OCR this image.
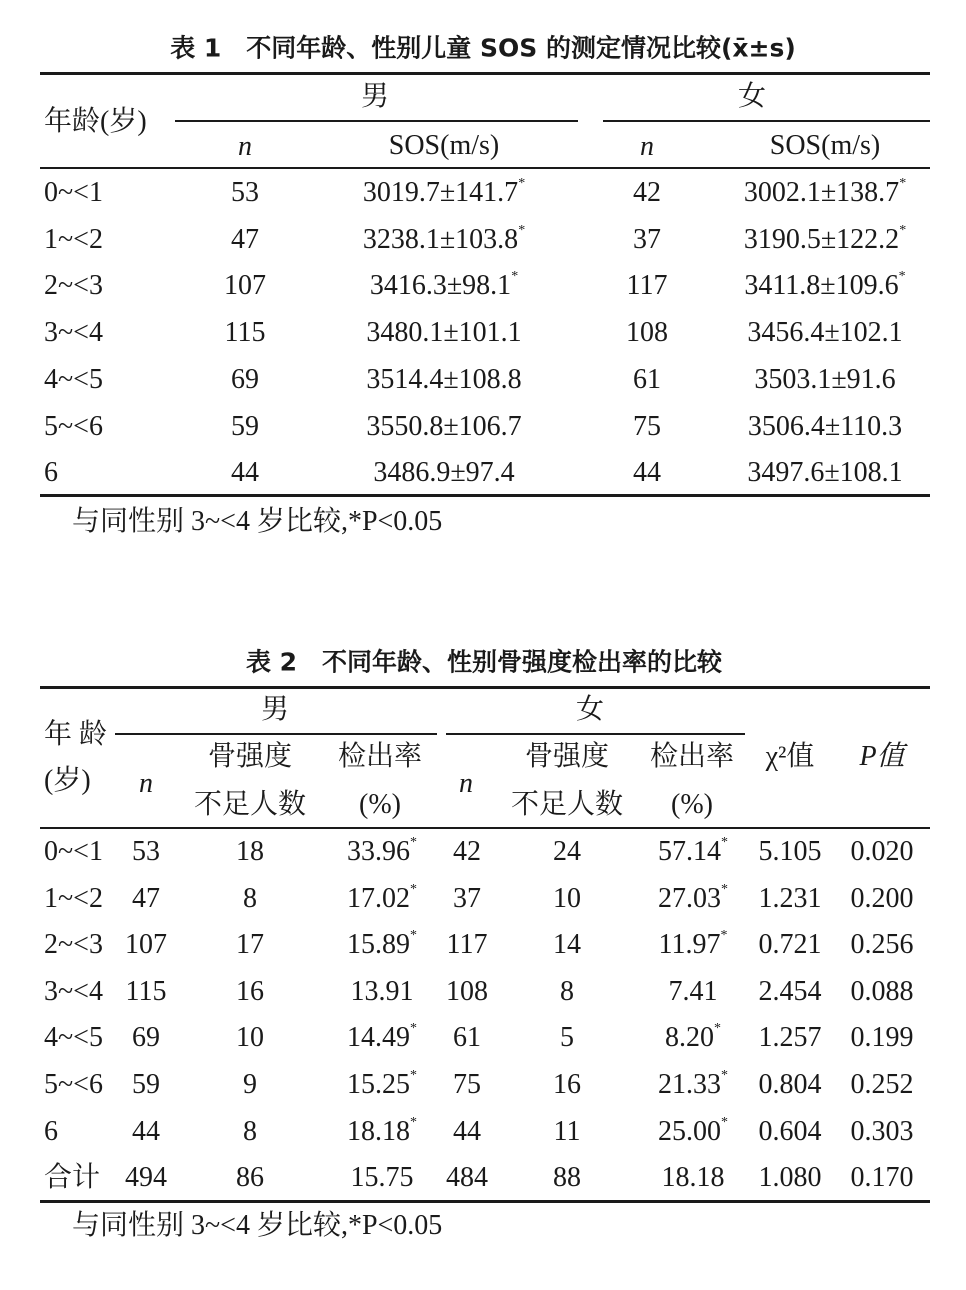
表 1　不同年龄、性别儿童 SOS 的测定情况比较(x̄±s)
年龄(岁)
男	女
n	SOS(m/s)	n	SOS(m/s)
0~<1	53	3019.7±141.7*	42	3002.1±138.7*
1~<2	47	3238.1±103.8*	37	3190.5±122.2*
2~<3	107	3416.3±98.1*	117	3411.8±109.6*
3~<4	115	3480.1±101.1	108	3456.4±102.1
4~<5	69	3514.4±108.8	61	3503.1±91.6
5~<6	59	3550.8±106.7	75	3506.4±110.3
6	44	3486.9±97.4	44	3497.6±108.1
与同性别 3~<4 岁比较,*P<0.05
表 2　不同年龄、性别骨强度检出率的比较
年 龄
(岁)
男	女
n
骨强度
不足人数
检出率
(%)
n
骨强度
不足人数
检出率
(%)
χ²值 P值
0~<1 53	18	33.96* 42	24	57.14* 5.105 0.020
1~<2 47	8	17.02* 37	10	27.03* 1.231 0.200
2~<3 107 17	15.89* 117 14	11.97* 0.721 0.256
3~<4 115 16	13.91 108	8	7.41 2.454 0.088
4~<5 69	10	14.49* 61	5	8.20* 1.257 0.199
5~<6 59	9	15.25* 75	16	21.33* 0.804 0.252
6	44	8	18.18* 44	11	25.00* 0.604 0.303
合计 494 86	15.75 484 88	18.18 1.080 0.170
与同性别 3~<4 岁比较,*P<0.05
